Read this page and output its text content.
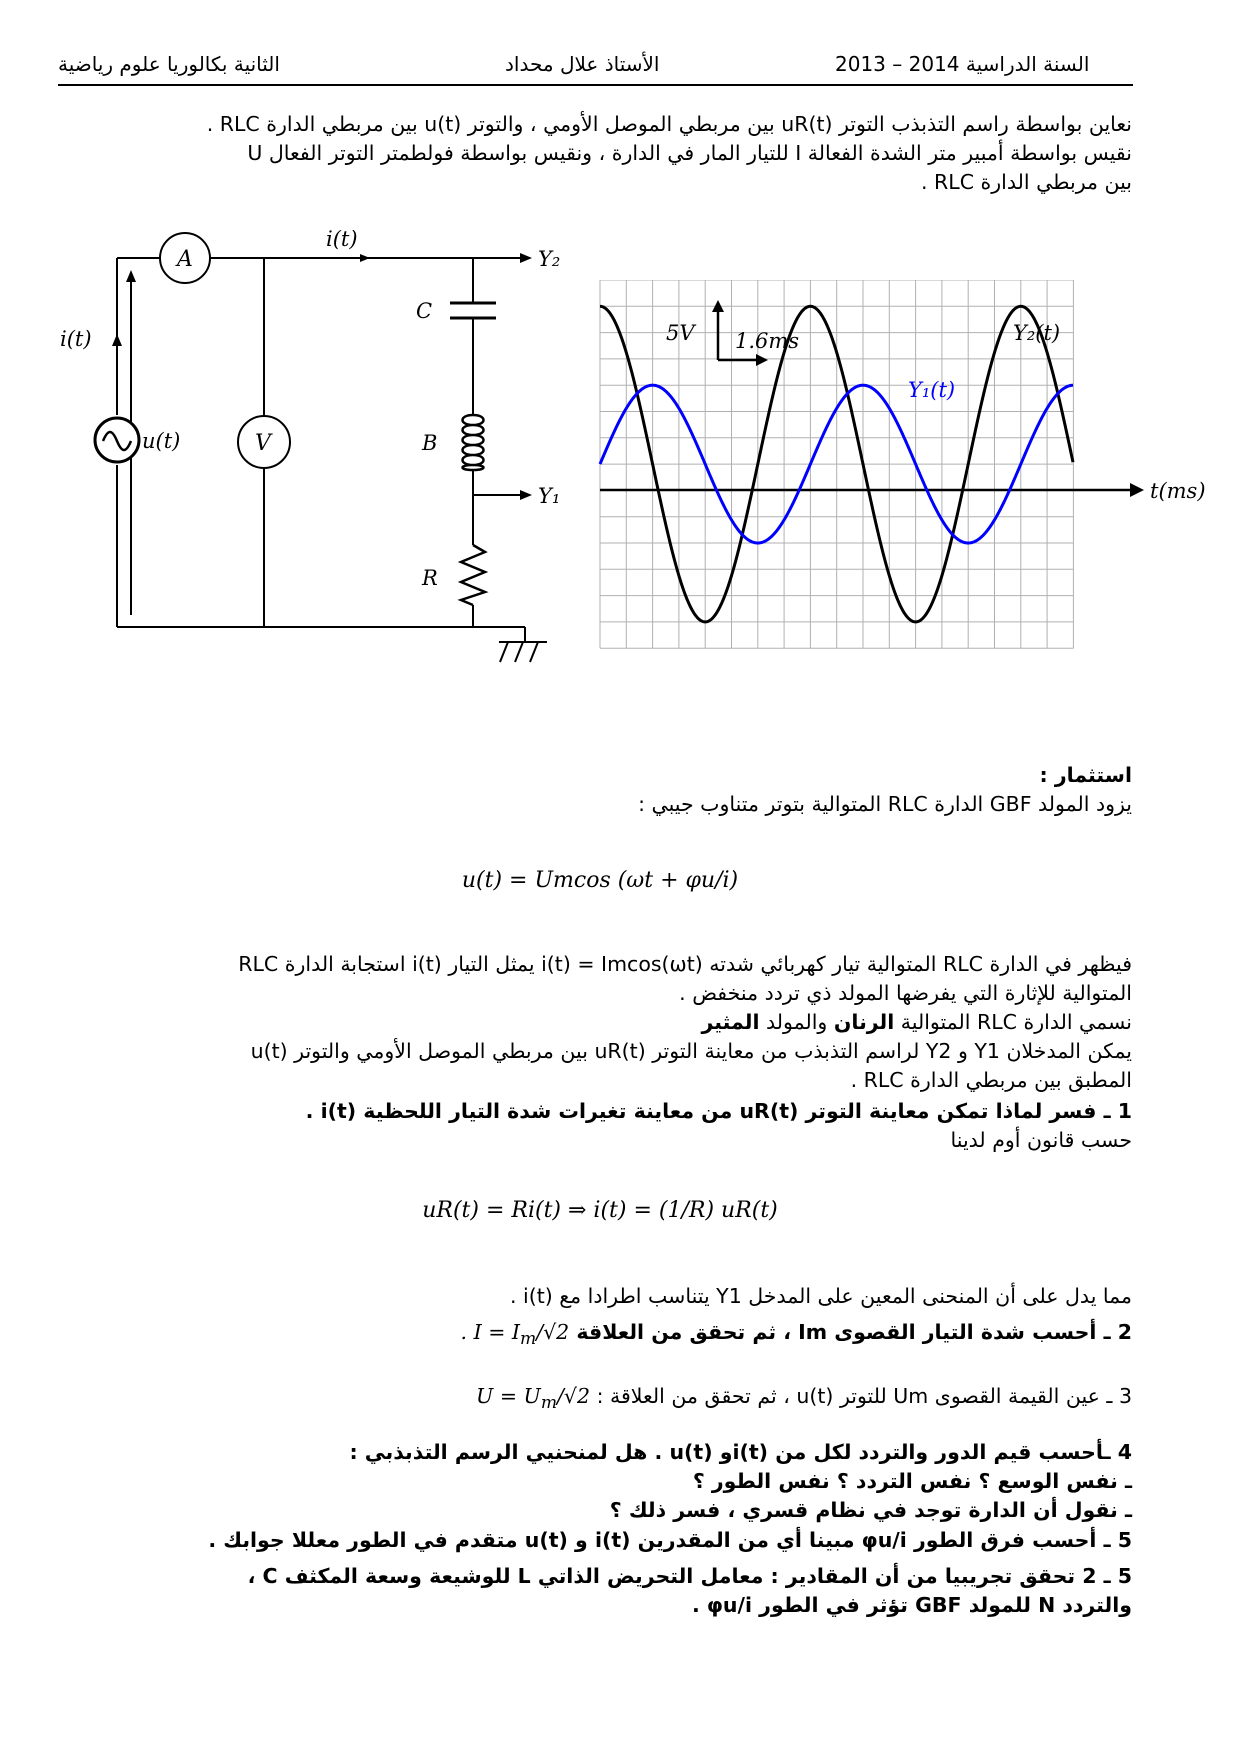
الثانية بكالوريا علوم رياضية	الأستاذ علال محداد	السنة الدراسية 2014 – 2013
نعاين بواسطة راسم التذبذب التوتر uR(t) بين مربطي الموصل الأومي ، والتوتر u(t) بين مربطي الدارة RLC .
نقيس بواسطة أمبير متر الشدة الفعالة I للتيار المار في الدارة ، ونقيس بواسطة فولطمتر التوتر الفعال U
بين مربطي الدارة RLC .
A
V
i(t)
i(t)
u(t)
C
B
R
Y₂
Y₁
5V 1.6ms	Y₂(t)
Y₁(t)
t(ms)
استثمار :
يزود المولد GBF الدارة RLC المتوالية بتوتر متناوب جيبي :
u(t) = Umcos (ωt + φu/i)
فيظهر في الدارة RLC المتوالية تيار كهربائي شدته i(t) = Imcos(ωt) يمثل التيار i(t) استجابة الدارة RLC
المتوالية للإثارة التي يفرضها المولد ذي تردد منخفض .
نسمي الدارة RLC المتوالية الرنان والمولد المثير
يمكن المدخلان Y1 و Y2 لراسم التذبذب من معاينة التوتر uR(t) بين مربطي الموصل الأومي والتوتر u(t)
المطبق بين مربطي الدارة RLC .
1 ـ فسر لماذا تمكن معاينة التوتر uR(t) من معاينة تغيرات شدة التيار اللحظية i(t) .
حسب قانون أوم لدينا
uR(t) = Ri(t) ⇒ i(t) = (1/R) uR(t)
مما يدل على أن المنحنى المعين على المدخل Y1 يتناسب اطرادا مع i(t) .
2 ـ أحسب شدة التيار القصوى Im ، ثم تحقق من العلاقة $I = I_m/√2$ .
3 ـ عين القيمة القصوى Um للتوتر u(t) ، ثم تحقق من العلاقة : $U = U_m/√2$
4 ـأحسب قيم الدور والتردد لكل من i(t)و u(t) . هل لمنحنيي الرسم التذبذبي :
ـ نفس الوسع ؟ نفس التردد ؟ نفس الطور ؟
ـ نقول أن الدارة توجد في نظام قسري ، فسر ذلك ؟
5 ـ أحسب فرق الطور φu/i مبينا أي من المقدرين i(t) و u(t) متقدم في الطور معللا جوابك .
5 ـ 2 تحقق تجريبيا من أن المقادير : معامل التحريض الذاتي L للوشيعة وسعة المكثف C ،
والتردد N للمولد GBF تؤثر في الطور φu/i .
